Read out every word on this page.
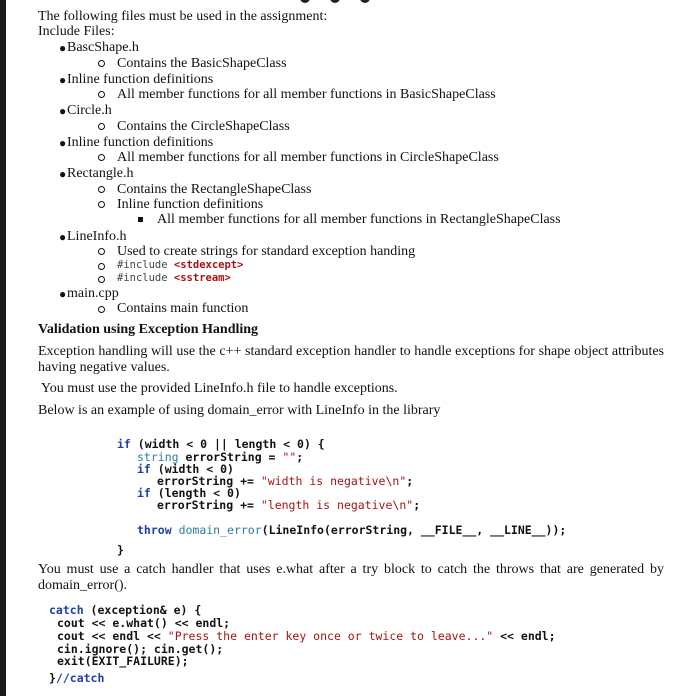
The following files must be used in the assignment:
Include Files:
● BascShape.h
Contains the BasicShapeClass
● Inline function definitions
All member functions for all member functions in BasicShapeClass
● Circle.h
Contains the CircleShapeClass
● Inline function definitions
All member functions for all member functions in CircleShapeClass
● Rectangle.h
Contains the RectangleShapeClass
Inline function definitions
All member functions for all member functions in RectangleShapeClass
● LineInfo.h
Used to create strings for standard exception handing
#include <stdexcept>
#include <sstream>
● main.cpp
Contains main function
Validation using Exception Handling
Exception handling will use the c++ standard exception handler to handle exceptions for shape object attributes having negative values.
You must use the provided LineInfo.h file to handle exceptions.
Below is an example of using domain_error with LineInfo in the library
if (width < 0 || length < 0) {
string errorString = "";
if (width < 0)
errorString += "width is negative\n";
if (length < 0)
errorString += "length is negative\n";
throw domain_error(LineInfo(errorString, __FILE__, __LINE__));
}
You must use a catch handler that uses e.what after a try block to catch the throws that are generated by domain_error().
catch (exception& e) {
cout << e.what() << endl;
cout << endl << "Press the enter key once or twice to leave..." << endl;
cin.ignore(); cin.get();
exit(EXIT_FAILURE);
}//catch
